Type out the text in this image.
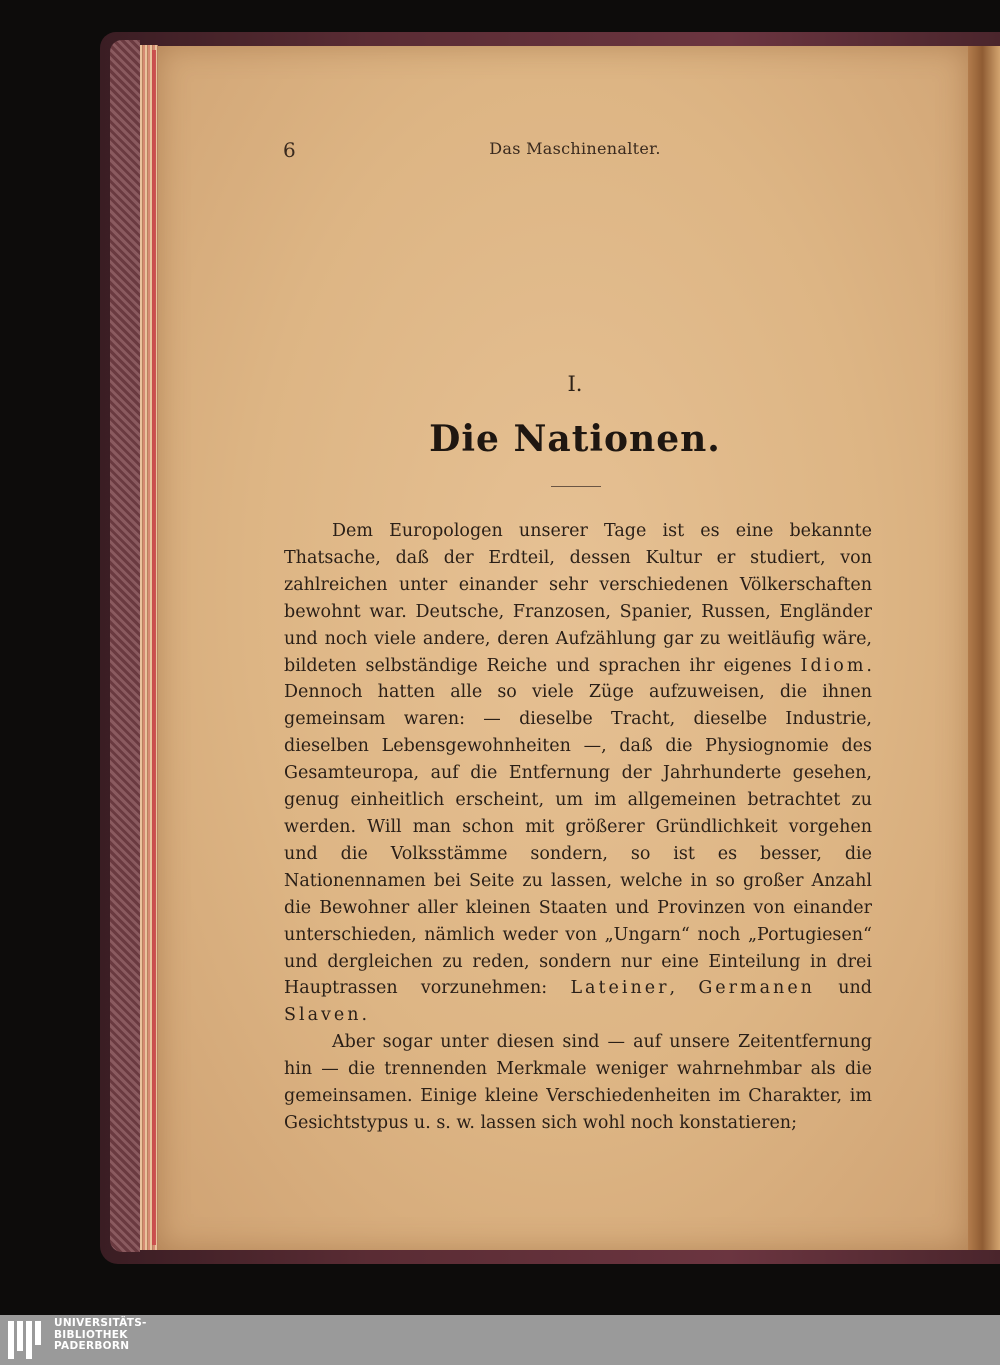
6	Das Maschinenalter.
I.
Die Nationen.

Dem Europologen unserer Tage ist es eine bekannte Thatsache, daß der Erdteil, dessen Kultur er studiert, von zahlreichen unter einander sehr verschiedenen Völkerschaften bewohnt war. Deutsche, Franzosen, Spanier, Russen, Engländer und noch viele andere, deren Aufzählung gar zu weitläufig wäre, bildeten selbständige Reiche und sprachen ihr eigenes Idiom. Dennoch hatten alle so viele Züge aufzuweisen, die ihnen gemeinsam waren: — dieselbe Tracht, dieselbe Industrie, dieselben Lebensgewohnheiten —, daß die Physiognomie des Gesamteuropa, auf die Entfernung der Jahrhunderte gesehen, genug einheitlich erscheint, um im allgemeinen betrachtet zu werden. Will man schon mit größerer Gründlichkeit vorgehen und die Volksstämme sondern, so ist es besser, die Nationennamen bei Seite zu lassen, welche in so großer Anzahl die Bewohner aller kleinen Staaten und Provinzen von einander unterschieden, nämlich weder von „Ungarn“ noch „Portugiesen“ und dergleichen zu reden, sondern nur eine Einteilung in drei Hauptrassen vorzunehmen: Lateiner, Germanen und Slaven.

Aber sogar unter diesen sind — auf unsere Zeitentfernung hin — die trennenden Merkmale weniger wahrnehmbar als die gemeinsamen. Einige kleine Verschiedenheiten im Charakter, im Gesichtstypus u. s. w. lassen sich wohl noch konstatieren;

UNIVERSITÄTS-
BIBLIOTHEK
PADERBORN
